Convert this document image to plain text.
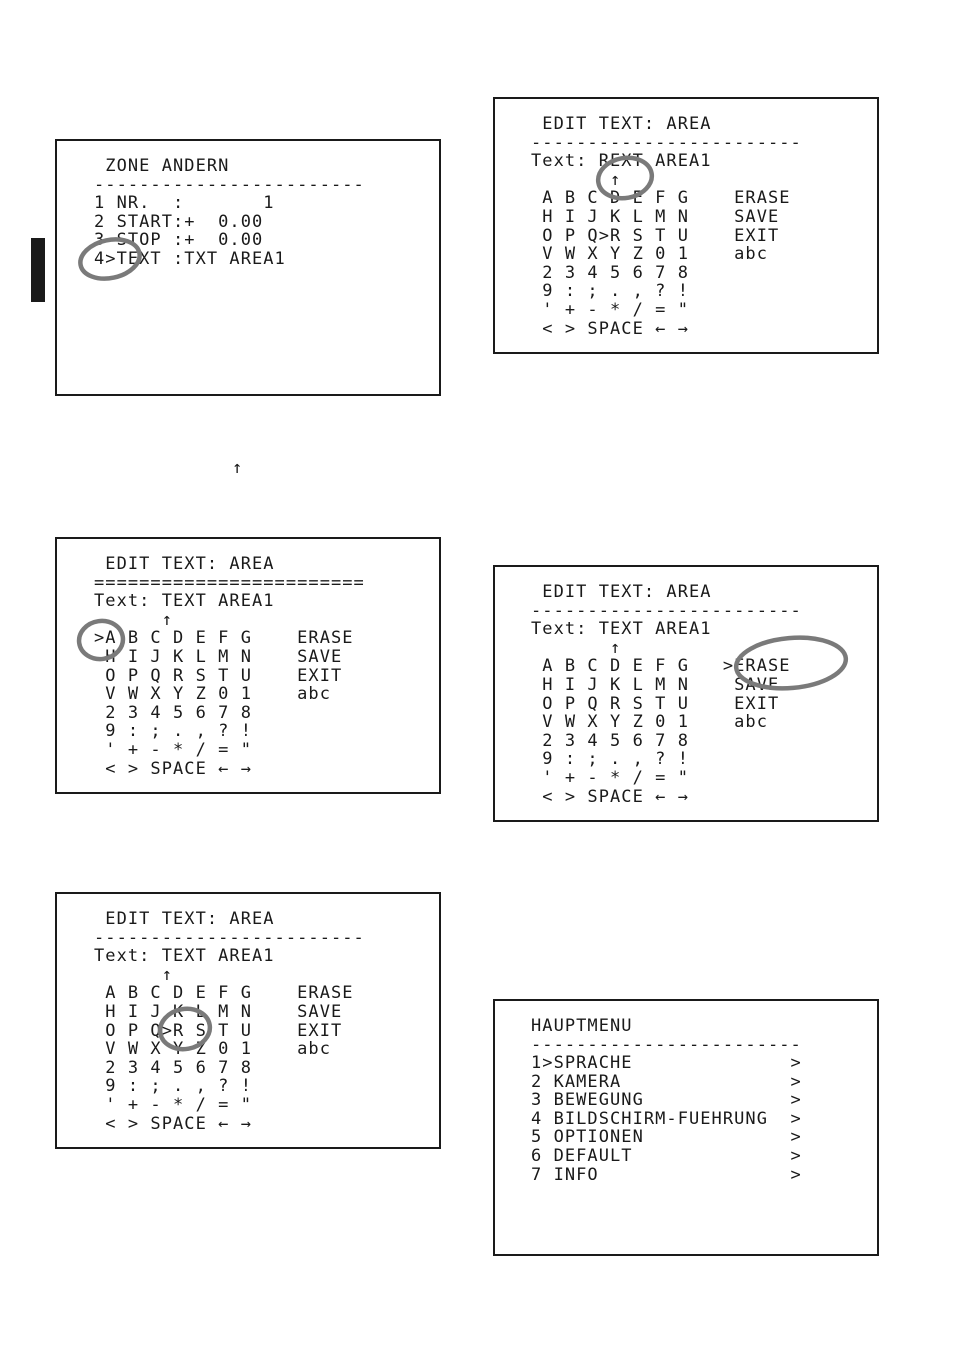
ZONE ANDERN
------------------------
1 NR.  :       1
2 START:+  0.00
3 STOP :+  0.00
4>TEXT :TXT AREA1
↑
EDIT TEXT: AREA
========================
Text: TEXT AREA1
↑
>A B C D E F G    ERASE
H I J K L M N    SAVE
O P Q R S T U    EXIT
V W X Y Z 0 1    abc
2 3 4 5 6 7 8
9 : ; . , ? !
' + - * / = "
< > SPACE ← →
EDIT TEXT: AREA
------------------------
Text: TEXT AREA1
↑
A B C D E F G    ERASE
H I J K L M N    SAVE
O P Q>R S T U    EXIT
V W X Y Z 0 1    abc
2 3 4 5 6 7 8
9 : ; . , ? !
' + - * / = "
< > SPACE ← →
EDIT TEXT: AREA
------------------------
Text: REXT AREA1
↑
A B C D E F G    ERASE
H I J K L M N    SAVE
O P Q>R S T U    EXIT
V W X Y Z 0 1    abc
2 3 4 5 6 7 8
9 : ; . , ? !
' + - * / = "
< > SPACE ← →
EDIT TEXT: AREA
------------------------
Text: TEXT AREA1
↑
A B C D E F G   >ERASE
H I J K L M N    SAVE
O P Q R S T U    EXIT
V W X Y Z 0 1    abc
2 3 4 5 6 7 8
9 : ; . , ? !
' + - * / = "
< > SPACE ← →
HAUPTMENU
------------------------
1>SPRACHE              >
2 KAMERA               >
3 BEWEGUNG             >
4 BILDSCHIRM-FUEHRUNG  >
5 OPTIONEN             >
6 DEFAULT              >
7 INFO                 >
